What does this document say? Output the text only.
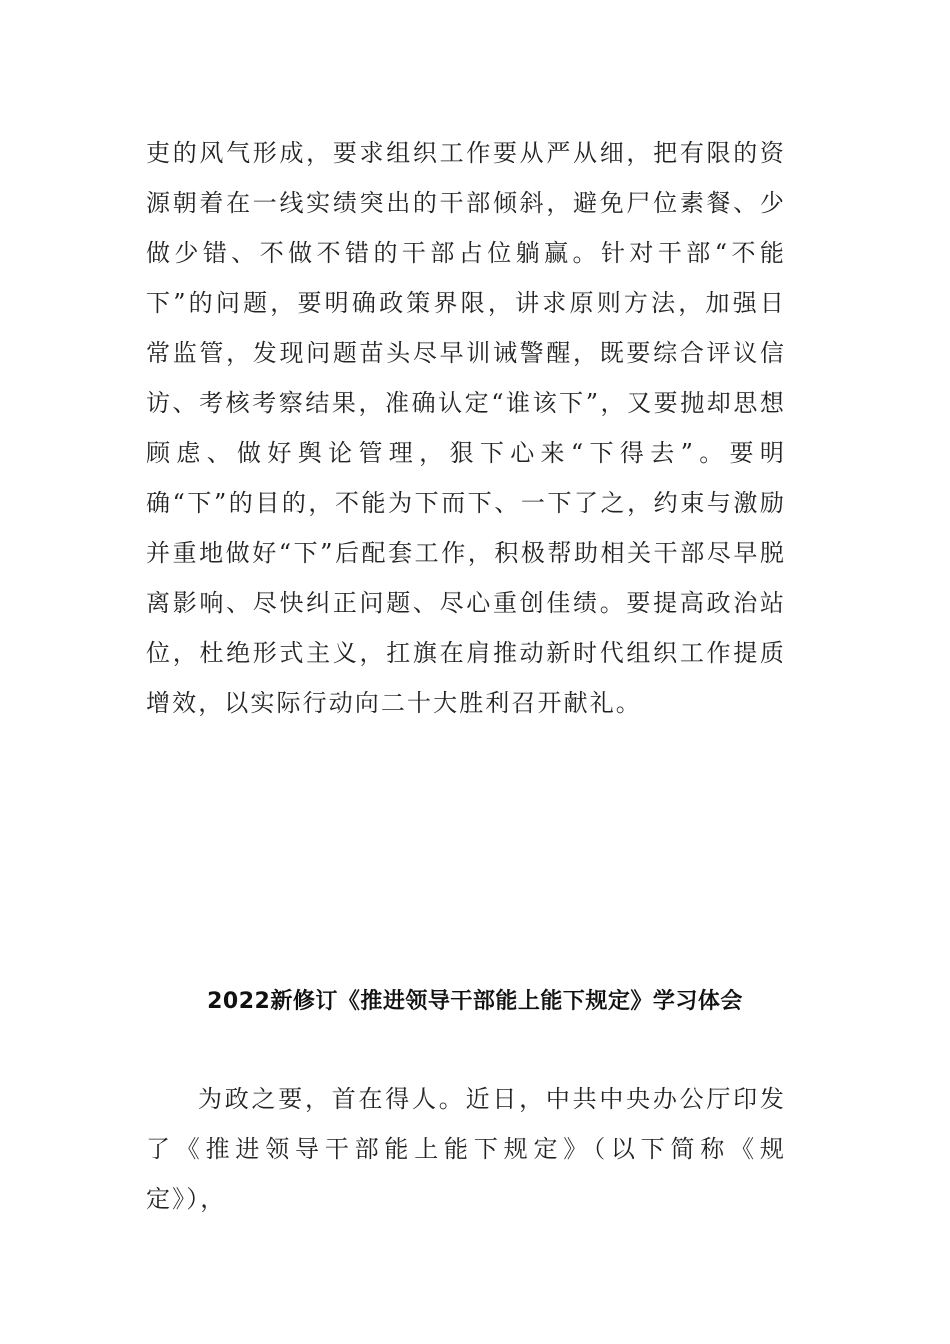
吏的风气形成，要求组织工作要从严从细，把有限的资源朝着在一线实绩突出的干部倾斜，避免尸位素餐、少做少错、不做不错的干部占位躺赢。针对干部“不能下”的问题，要明确政策界限，讲求原则方法，加强日常监管，发现问题苗头尽早训诫警醒，既要综合评议信访、考核考察结果，准确认定“谁该下”，又要抛却思想顾虑、做好舆论管理，狠下心来“下得去”。要明确“下”的目的，不能为下而下、一下了之，约束与激励并重地做好“下”后配套工作，积极帮助相关干部尽早脱离影响、尽快纠正问题、尽心重创佳绩。要提高政治站位，杜绝形式主义，扛旗在肩推动新时代组织工作提质增效，以实际行动向二十大胜利召开献礼。

2022新修订《推进领导干部能上能下规定》学习体会

为政之要，首在得人。近日，中共中央办公厅印发了《推进领导干部能上能下规定》（以下简称《规定》），
